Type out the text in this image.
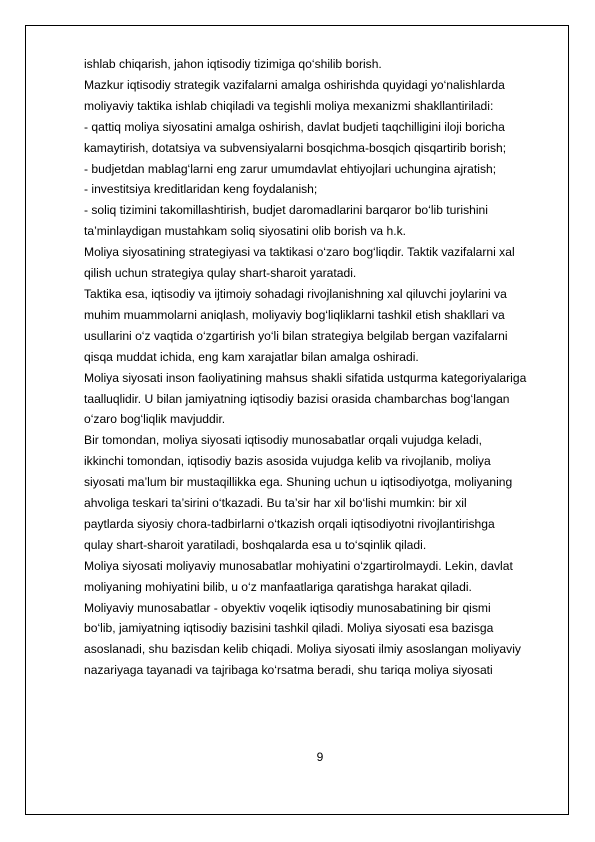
ishlab chiqarish, jahon iqtisodiy tizimiga qo‘shilib borish.
Mazkur iqtisodiy strategik vazifalarni amalga oshirishda quyidagi yo‘nalishlarda
moliyaviy taktika ishlab chiqiladi va tegishli moliya mexanizmi shakllantiriladi:
- qattiq moliya siyosatini amalga oshirish, davlat budjeti taqchilligini iloji boricha
kamaytirish, dotatsiya va subvensiyalarni bosqichma-bosqich qisqartirib borish;
- budjetdan mablag‘larni eng zarur umumdavlat ehtiyojlari uchungina ajratish;
- investitsiya kreditlaridan keng foydalanish;
- soliq tizimini takomillashtirish, budjet daromadlarini barqaror bo‘lib turishini
ta’minlaydigan mustahkam soliq siyosatini olib borish va h.k.
Moliya siyosatining strategiyasi va taktikasi o‘zaro bog‘liqdir. Taktik vazifalarni xal
qilish uchun strategiya qulay shart-sharoit yaratadi.
Taktika esa, iqtisodiy va ijtimoiy sohadagi rivojlanishning xal qiluvchi joylarini va
muhim muammolarni aniqlash, moliyaviy bog‘liqliklarni tashkil etish shakllari va
usullarini o‘z vaqtida o‘zgartirish yo‘li bilan strategiya belgilab bergan vazifalarni
qisqa muddat ichida, eng kam xarajatlar bilan amalga oshiradi.
Moliya siyosati inson faoliyatining mahsus shakli sifatida ustqurma kategoriyalariga
taalluqlidir. U bilan jamiyatning iqtisodiy bazisi orasida chambarchas bog‘langan
o‘zaro bog‘liqlik mavjuddir.
Bir tomondan, moliya siyosati iqtisodiy munosabatlar orqali vujudga keladi,
ikkinchi tomondan, iqtisodiy bazis asosida vujudga kelib va rivojlanib, moliya
siyosati ma’lum bir mustaqillikka ega. Shuning uchun u iqtisodiyotga, moliyaning
ahvoliga teskari ta’sirini o‘tkazadi. Bu ta’sir har xil bo‘lishi mumkin: bir xil
paytlarda siyosiy chora-tadbirlarni o‘tkazish orqali iqtisodiyotni rivojlantirishga
qulay shart-sharoit yaratiladi, boshqalarda esa u to‘sqinlik qiladi.
Moliya siyosati moliyaviy munosabatlar mohiyatini o‘zgartirolmaydi. Lekin, davlat
moliyaning mohiyatini bilib, u o‘z manfaatlariga qaratishga harakat qiladi.
Moliyaviy munosabatlar - obyektiv voqelik iqtisodiy munosabatining bir qismi
bo‘lib, jamiyatning iqtisodiy bazisini tashkil qiladi. Moliya siyosati esa bazisga
asoslanadi, shu bazisdan kelib chiqadi. Moliya siyosati ilmiy asoslangan moliyaviy
nazariyaga tayanadi va tajribaga ko‘rsatma beradi, shu tariqa moliya siyosati
9
